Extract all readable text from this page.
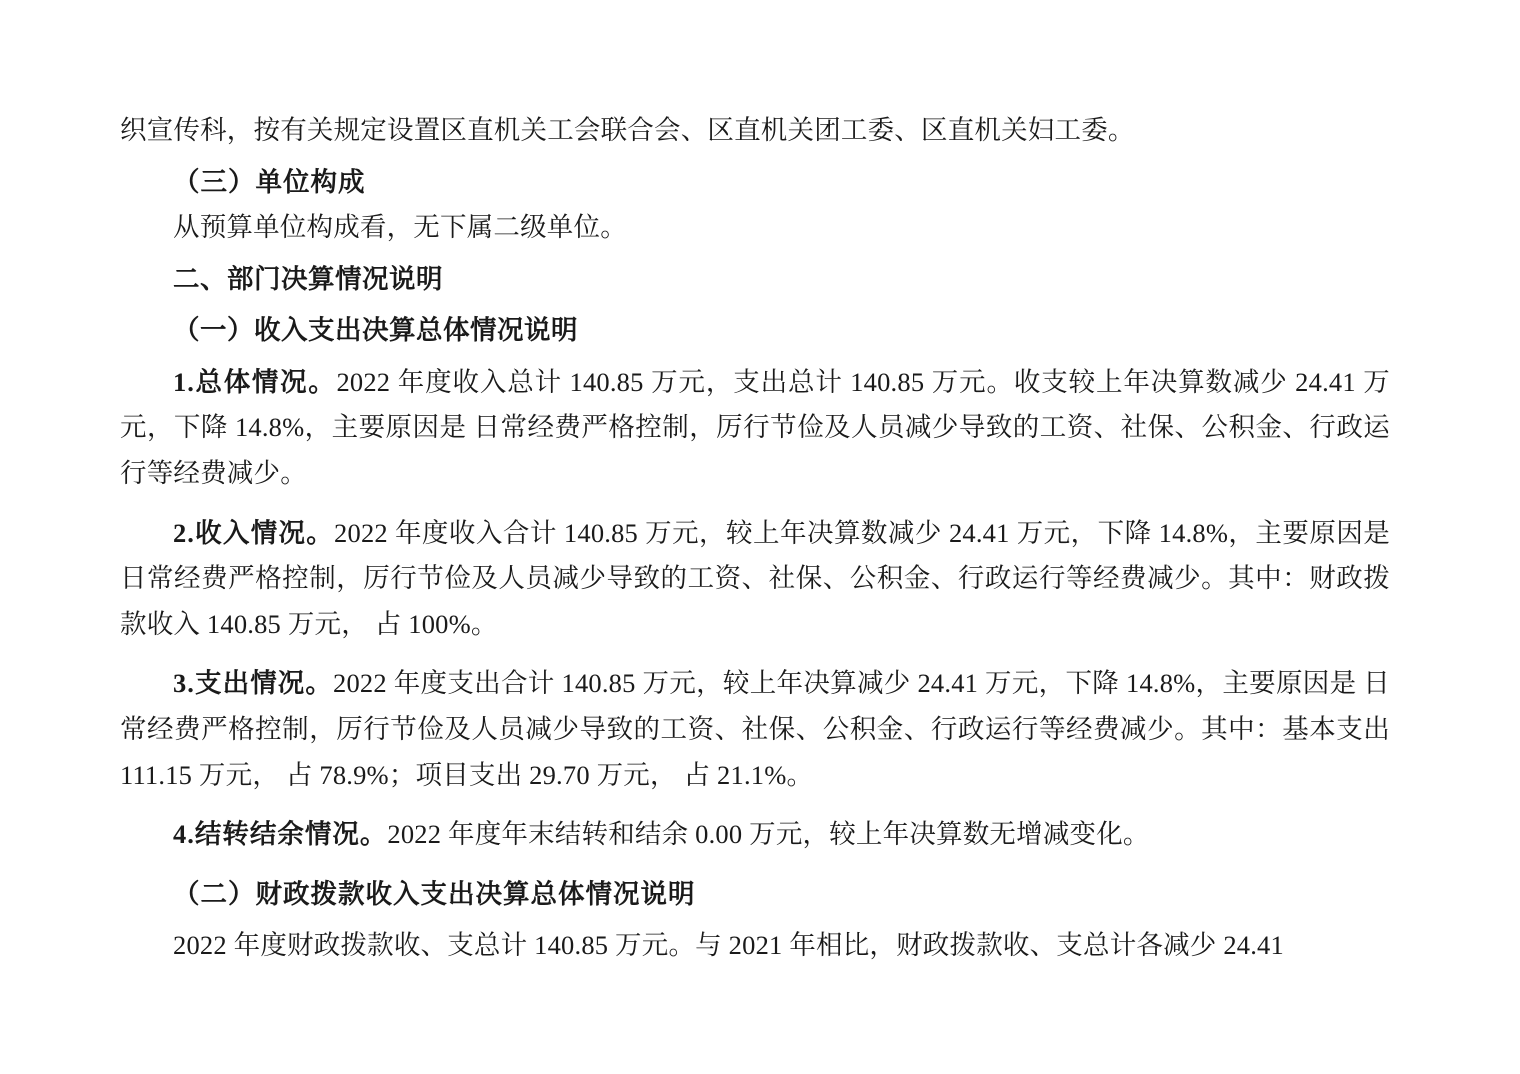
织宣传科，按有关规定设置区直机关工会联合会、区直机关团工委、区直机关妇工委。

（三）单位构成

从预算单位构成看，无下属二级单位。

二、部门决算情况说明

（一）收入支出决算总体情况说明

1.总体情况。2022 年度收入总计 140.85 万元，支出总计 140.85 万元。收支较上年决算数减少 24.41 万元，下降 14.8%，主要原因是 日常经费严格控制，厉行节俭及人员减少导致的工资、社保、公积金、行政运行等经费减少。

2.收入情况。2022 年度收入合计 140.85 万元，较上年决算数减少 24.41 万元，下降 14.8%，主要原因是 日常经费严格控制，厉行节俭及人员减少导致的工资、社保、公积金、行政运行等经费减少。其中：财政拨款收入 140.85 万元， 占 100%。

3.支出情况。2022 年度支出合计 140.85 万元，较上年决算减少 24.41 万元，下降 14.8%，主要原因是 日常经费严格控制，厉行节俭及人员减少导致的工资、社保、公积金、行政运行等经费减少。其中：基本支出 111.15 万元， 占 78.9%；项目支出 29.70 万元， 占 21.1%。

4.结转结余情况。2022 年度年末结转和结余 0.00 万元，较上年决算数无增减变化。

（二）财政拨款收入支出决算总体情况说明

2022 年度财政拨款收、支总计 140.85 万元。与 2021 年相比，财政拨款收、支总计各减少 24.41
